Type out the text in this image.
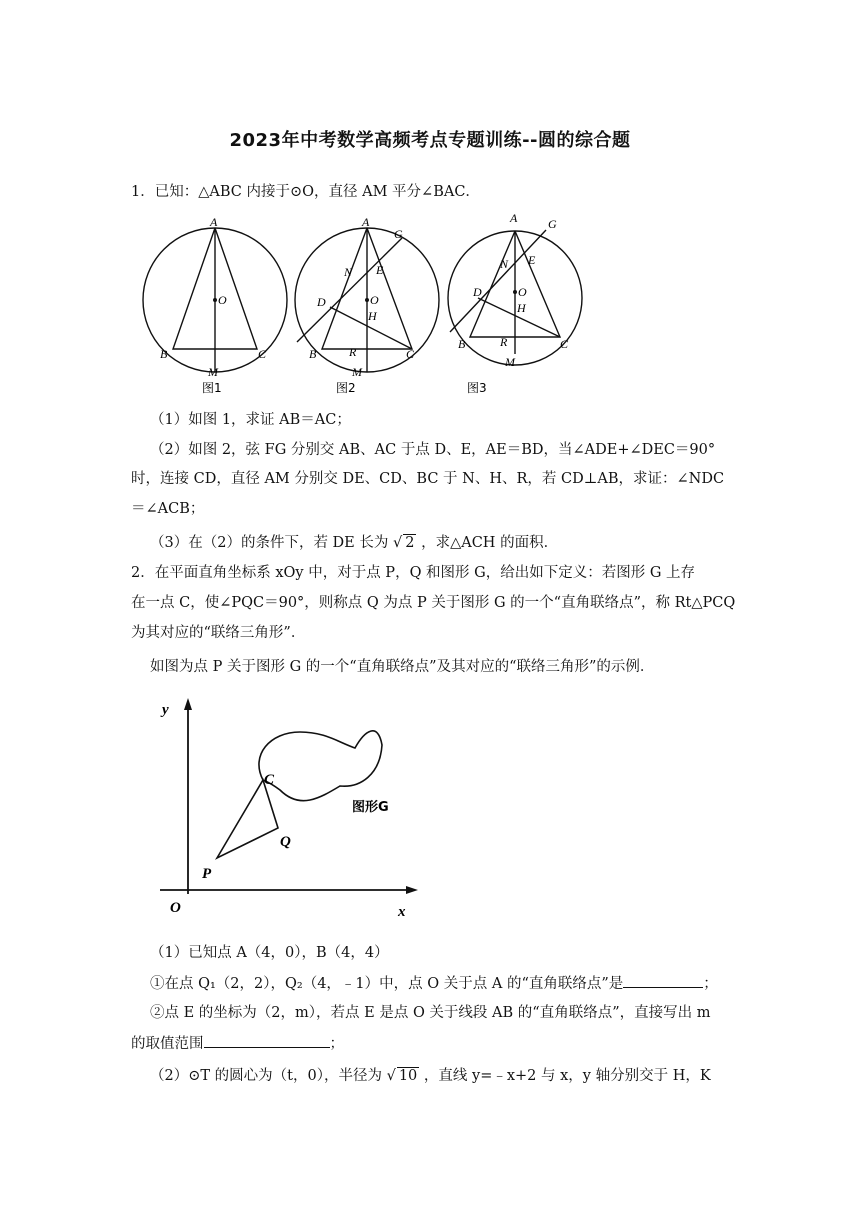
2023年中考数学高频考点专题训练--圆的综合题
1．已知：△ABC 内接于⊙O，直径 AM 平分∠BAC．
A
O
B	C
M
图1
A
G
N E
D	O
H
B	R	C
M
图2
A	G
N E
D	O
H
B	R	C
M
图3
（1）如图 1，求证 AB＝AC；
（2）如图 2，弦 FG 分别交 AB、AC 于点 D、E，AE＝BD，当∠ADE+∠DEC＝90°
时，连接 CD，直径 AM 分别交 DE、CD、BC 于 N、H、R，若 CD⊥AB，求证：∠NDC
＝∠ACB；
（3）在（2）的条件下，若 DE 长为 √ 2 ，求△ACH 的面积．
2．在平面直角坐标系 xOy 中，对于点 P，Q 和图形 G，给出如下定义：若图形 G 上存
在一点 C，使∠PQC＝90°，则称点 Q 为点 P 关于图形 G 的一个“直角联络点”，称 Rt△PCQ
为其对应的“联络三角形”．
如图为点 P 关于图形 G 的一个“直角联络点”及其对应的“联络三角形”的示例．
y
x
O
P
Q
C
图形G
（1）已知点 A（4，0），B（4，4）
①在点 Q₁（2，2），Q₂（4，﹣1）中，点 O 关于点 A 的“直角联络点”是	；
②点 E 的坐标为（2，m），若点 E 是点 O 关于线段 AB 的“直角联络点”，直接写出 m
的取值范围	；
（2）⊙T 的圆心为（t，0），半径为 √ 10 ，直线 y=﹣x+2 与 x，y 轴分别交于 H，K
